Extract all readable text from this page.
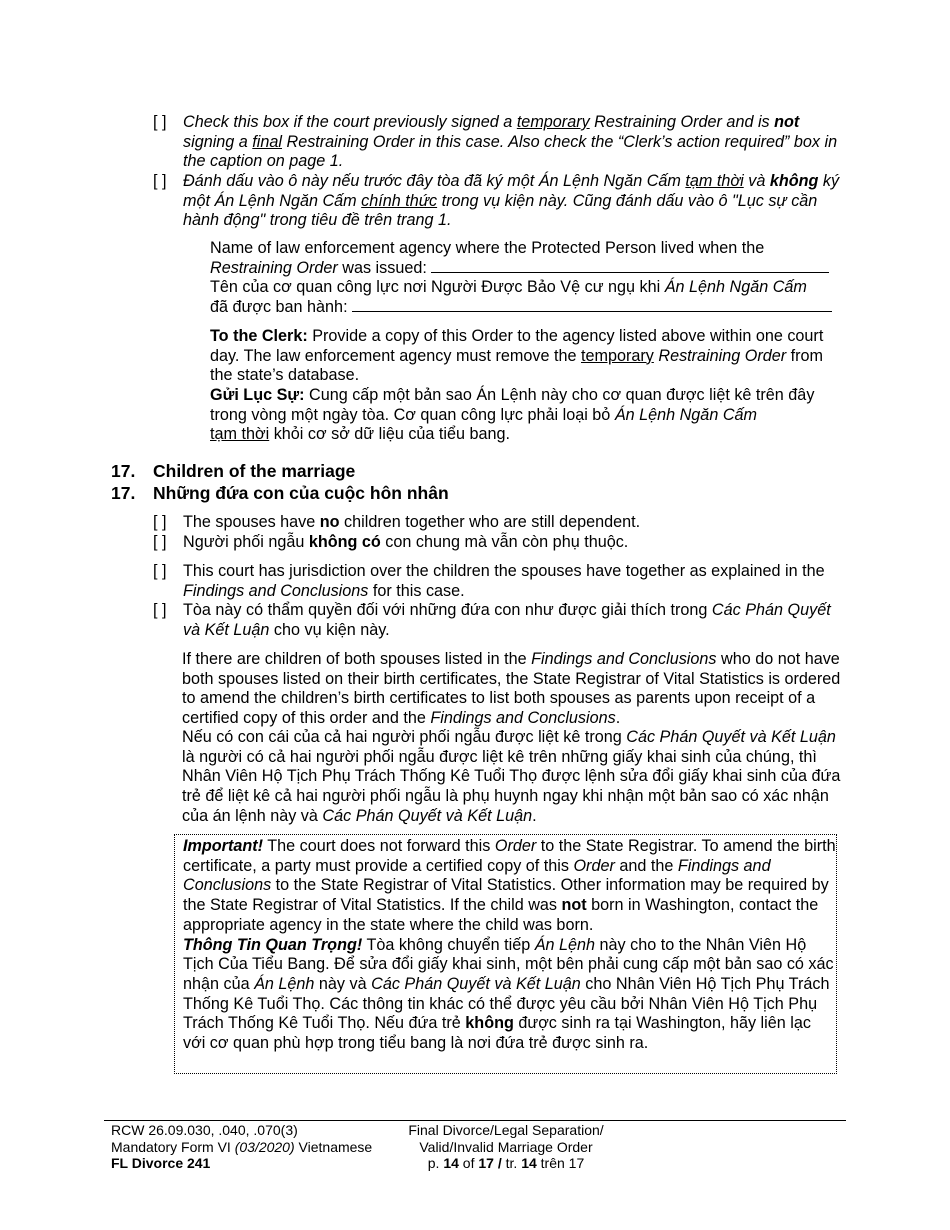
[ ]	Check this box if the court previously signed a temporary Restraining Order and is not signing a final Restraining Order in this case. Also check the “Clerk’s action required” box in the caption on page 1.
[ ]	Đánh dấu vào ô này nếu trước đây tòa đã ký một Án Lệnh Ngăn Cấm tạm thời và không ký một Án Lệnh Ngăn Cấm chính thức trong vụ kiện này. Cũng đánh dấu vào ô "Lục sự cần hành động" trong tiêu đề trên trang 1.
Name of law enforcement agency where the Protected Person lived when the Restraining Order was issued:
Tên của cơ quan công lực nơi Người Được Bảo Vệ cư ngụ khi Án Lệnh Ngăn Cấm
đã được ban hành:
To the Clerk: Provide a copy of this Order to the agency listed above within one court day. The law enforcement agency must remove the temporary Restraining Order from the state’s database.
Gửi Lục Sự: Cung cấp một bản sao Án Lệnh này cho cơ quan được liệt kê trên đây trong vòng một ngày tòa. Cơ quan công lực phải loại bỏ Án Lệnh Ngăn Cấm
tạm thời khỏi cơ sở dữ liệu của tiểu bang.
17. Children of the marriage
17. Những đứa con của cuộc hôn nhân
[ ]	The spouses have no children together who are still dependent.
[ ]	Người phối ngẫu không có con chung mà vẫn còn phụ thuộc.
[ ]	This court has jurisdiction over the children the spouses have together as explained in the Findings and Conclusions for this case.
[ ]	Tòa này có thẩm quyền đối với những đứa con như được giải thích trong Các Phán Quyết và Kết Luận cho vụ kiện này.
If there are children of both spouses listed in the Findings and Conclusions who do not have both spouses listed on their birth certificates, the State Registrar of Vital Statistics is ordered to amend the children’s birth certificates to list both spouses as parents upon receipt of a certified copy of this order and the Findings and Conclusions.
Nếu có con cái của cả hai người phối ngẫu được liệt kê trong Các Phán Quyết và Kết Luận là người có cả hai người phối ngẫu được liệt kê trên những giấy khai sinh của chúng, thì Nhân Viên Hộ Tịch Phụ Trách Thống Kê Tuổi Thọ được lệnh sửa đổi giấy khai sinh của đứa trẻ để liệt kê cả hai người phối ngẫu là phụ huynh ngay khi nhận một bản sao có xác nhận của án lệnh này và Các Phán Quyết và Kết Luận.
Important! The court does not forward this Order to the State Registrar. To amend the birth certificate, a party must provide a certified copy of this Order and the Findings and Conclusions to the State Registrar of Vital Statistics. Other information may be required by the State Registrar of Vital Statistics. If the child was not born in Washington, contact the appropriate agency in the state where the child was born.
Thông Tin Quan Trọng! Tòa không chuyển tiếp Án Lệnh này cho to the Nhân Viên Hộ Tịch Của Tiểu Bang. Để sửa đổi giấy khai sinh, một bên phải cung cấp một bản sao có xác nhận của Án Lệnh này và Các Phán Quyết và Kết Luận cho Nhân Viên Hộ Tịch Phụ Trách Thống Kê Tuổi Thọ. Các thông tin khác có thể được yêu cầu bởi Nhân Viên Hộ Tịch Phụ Trách Thống Kê Tuổi Thọ. Nếu đứa trẻ không được sinh ra tại Washington, hãy liên lạc với cơ quan phù hợp trong tiểu bang là nơi đứa trẻ được sinh ra.
RCW 26.09.030, .040, .070(3)
Mandatory Form VI (03/2020) Vietnamese
FL Divorce 241
Final Divorce/Legal Separation/
Valid/Invalid Marriage Order
p. 14 of 17 / tr. 14 trên 17
